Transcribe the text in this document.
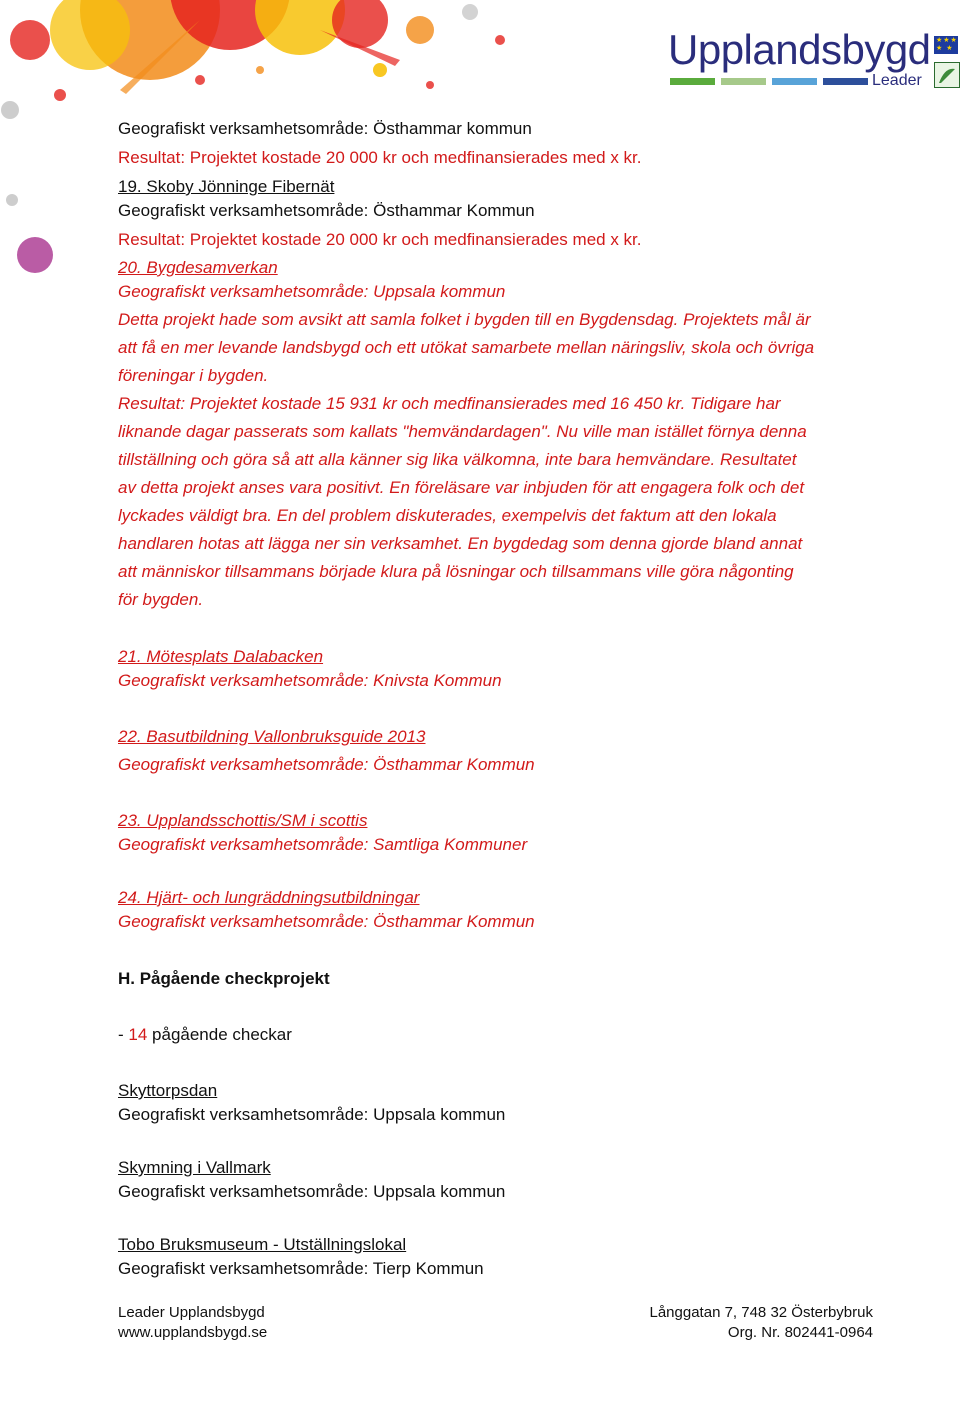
Upplandsbygd
Leader
★★★
★ ★
Geografiskt verksamhetsområde: Östhammar kommun
Resultat: Projektet kostade 20 000 kr och medfinansierades med x kr.
19. Skoby Jönninge Fibernät
Geografiskt verksamhetsområde: Östhammar Kommun
Resultat: Projektet kostade 20 000 kr och medfinansierades med x kr.
20. Bygdesamverkan
Geografiskt verksamhetsområde: Uppsala kommun
Detta projekt hade som avsikt att samla folket i bygden till en Bygdensdag. Projektets mål är
att få en mer levande landsbygd och ett utökat samarbete mellan näringsliv, skola och övriga
föreningar i bygden.
Resultat: Projektet kostade 15 931 kr och medfinansierades med 16 450 kr. Tidigare har
liknande dagar passerats som kallats "hemvändardagen". Nu ville man istället förnya denna
tillställning och göra så att alla känner sig lika välkomna, inte bara hemvändare. Resultatet
av detta projekt anses vara positivt. En föreläsare var inbjuden för att engagera folk och det
lyckades väldigt bra. En del problem diskuterades, exempelvis det faktum att den lokala
handlaren hotas att lägga ner sin verksamhet. En bygdedag som denna gjorde bland annat
att människor tillsammans började klura på lösningar och tillsammans ville göra någonting
för bygden.
21. Mötesplats Dalabacken
Geografiskt verksamhetsområde: Knivsta Kommun
22. Basutbildning Vallonbruksguide 2013
Geografiskt verksamhetsområde: Östhammar Kommun
23. Upplandsschottis/SM i scottis
Geografiskt verksamhetsområde: Samtliga Kommuner
24. Hjärt- och lungräddningsutbildningar
Geografiskt verksamhetsområde: Östhammar Kommun
H. Pågående checkprojekt
- 14 pågående checkar
Skyttorpsdan
Geografiskt verksamhetsområde: Uppsala kommun
Skymning i Vallmark
Geografiskt verksamhetsområde: Uppsala kommun
Tobo Bruksmuseum - Utställningslokal
Geografiskt verksamhetsområde: Tierp Kommun
Leader Upplandsbygd
www.upplandsbygd.se
Långgatan 7, 748 32 Österbybruk
Org. Nr. 802441-0964
